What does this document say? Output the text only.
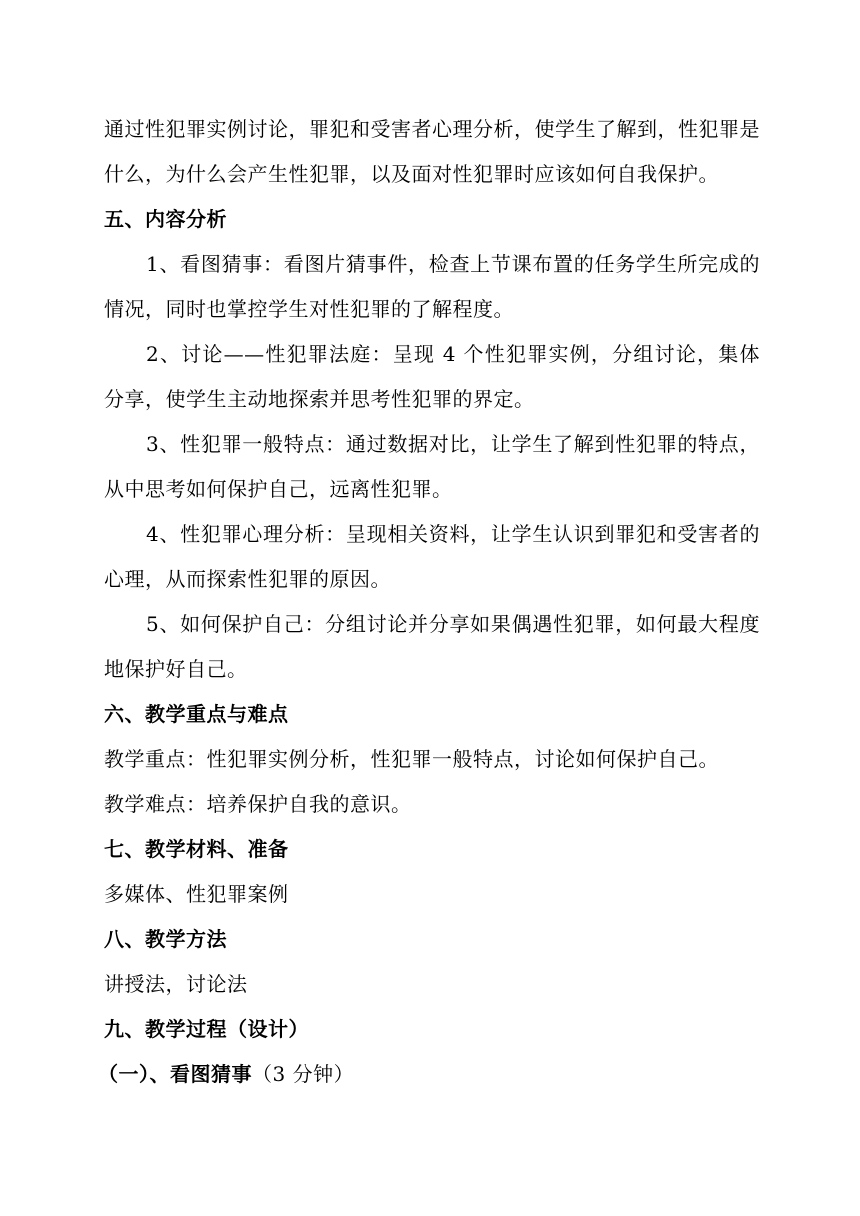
通过性犯罪实例讨论，罪犯和受害者心理分析，使学生了解到，性犯罪是什么，为什么会产生性犯罪，以及面对性犯罪时应该如何自我保护。

五、内容分析

1、看图猜事：看图片猜事件，检查上节课布置的任务学生所完成的情况，同时也掌控学生对性犯罪的了解程度。

2、讨论——性犯罪法庭：呈现 4 个性犯罪实例，分组讨论，集体分享，使学生主动地探索并思考性犯罪的界定。

3、性犯罪一般特点：通过数据对比，让学生了解到性犯罪的特点，从中思考如何保护自己，远离性犯罪。

4、性犯罪心理分析：呈现相关资料，让学生认识到罪犯和受害者的心理，从而探索性犯罪的原因。

5、如何保护自己：分组讨论并分享如果偶遇性犯罪，如何最大程度地保护好自己。

六、教学重点与难点

教学重点：性犯罪实例分析，性犯罪一般特点，讨论如何保护自己。

教学难点：培养保护自我的意识。

七、教学材料、准备

多媒体、性犯罪案例

八、教学方法

讲授法，讨论法

九、教学过程（设计）

（一）、看图猜事（3 分钟）
